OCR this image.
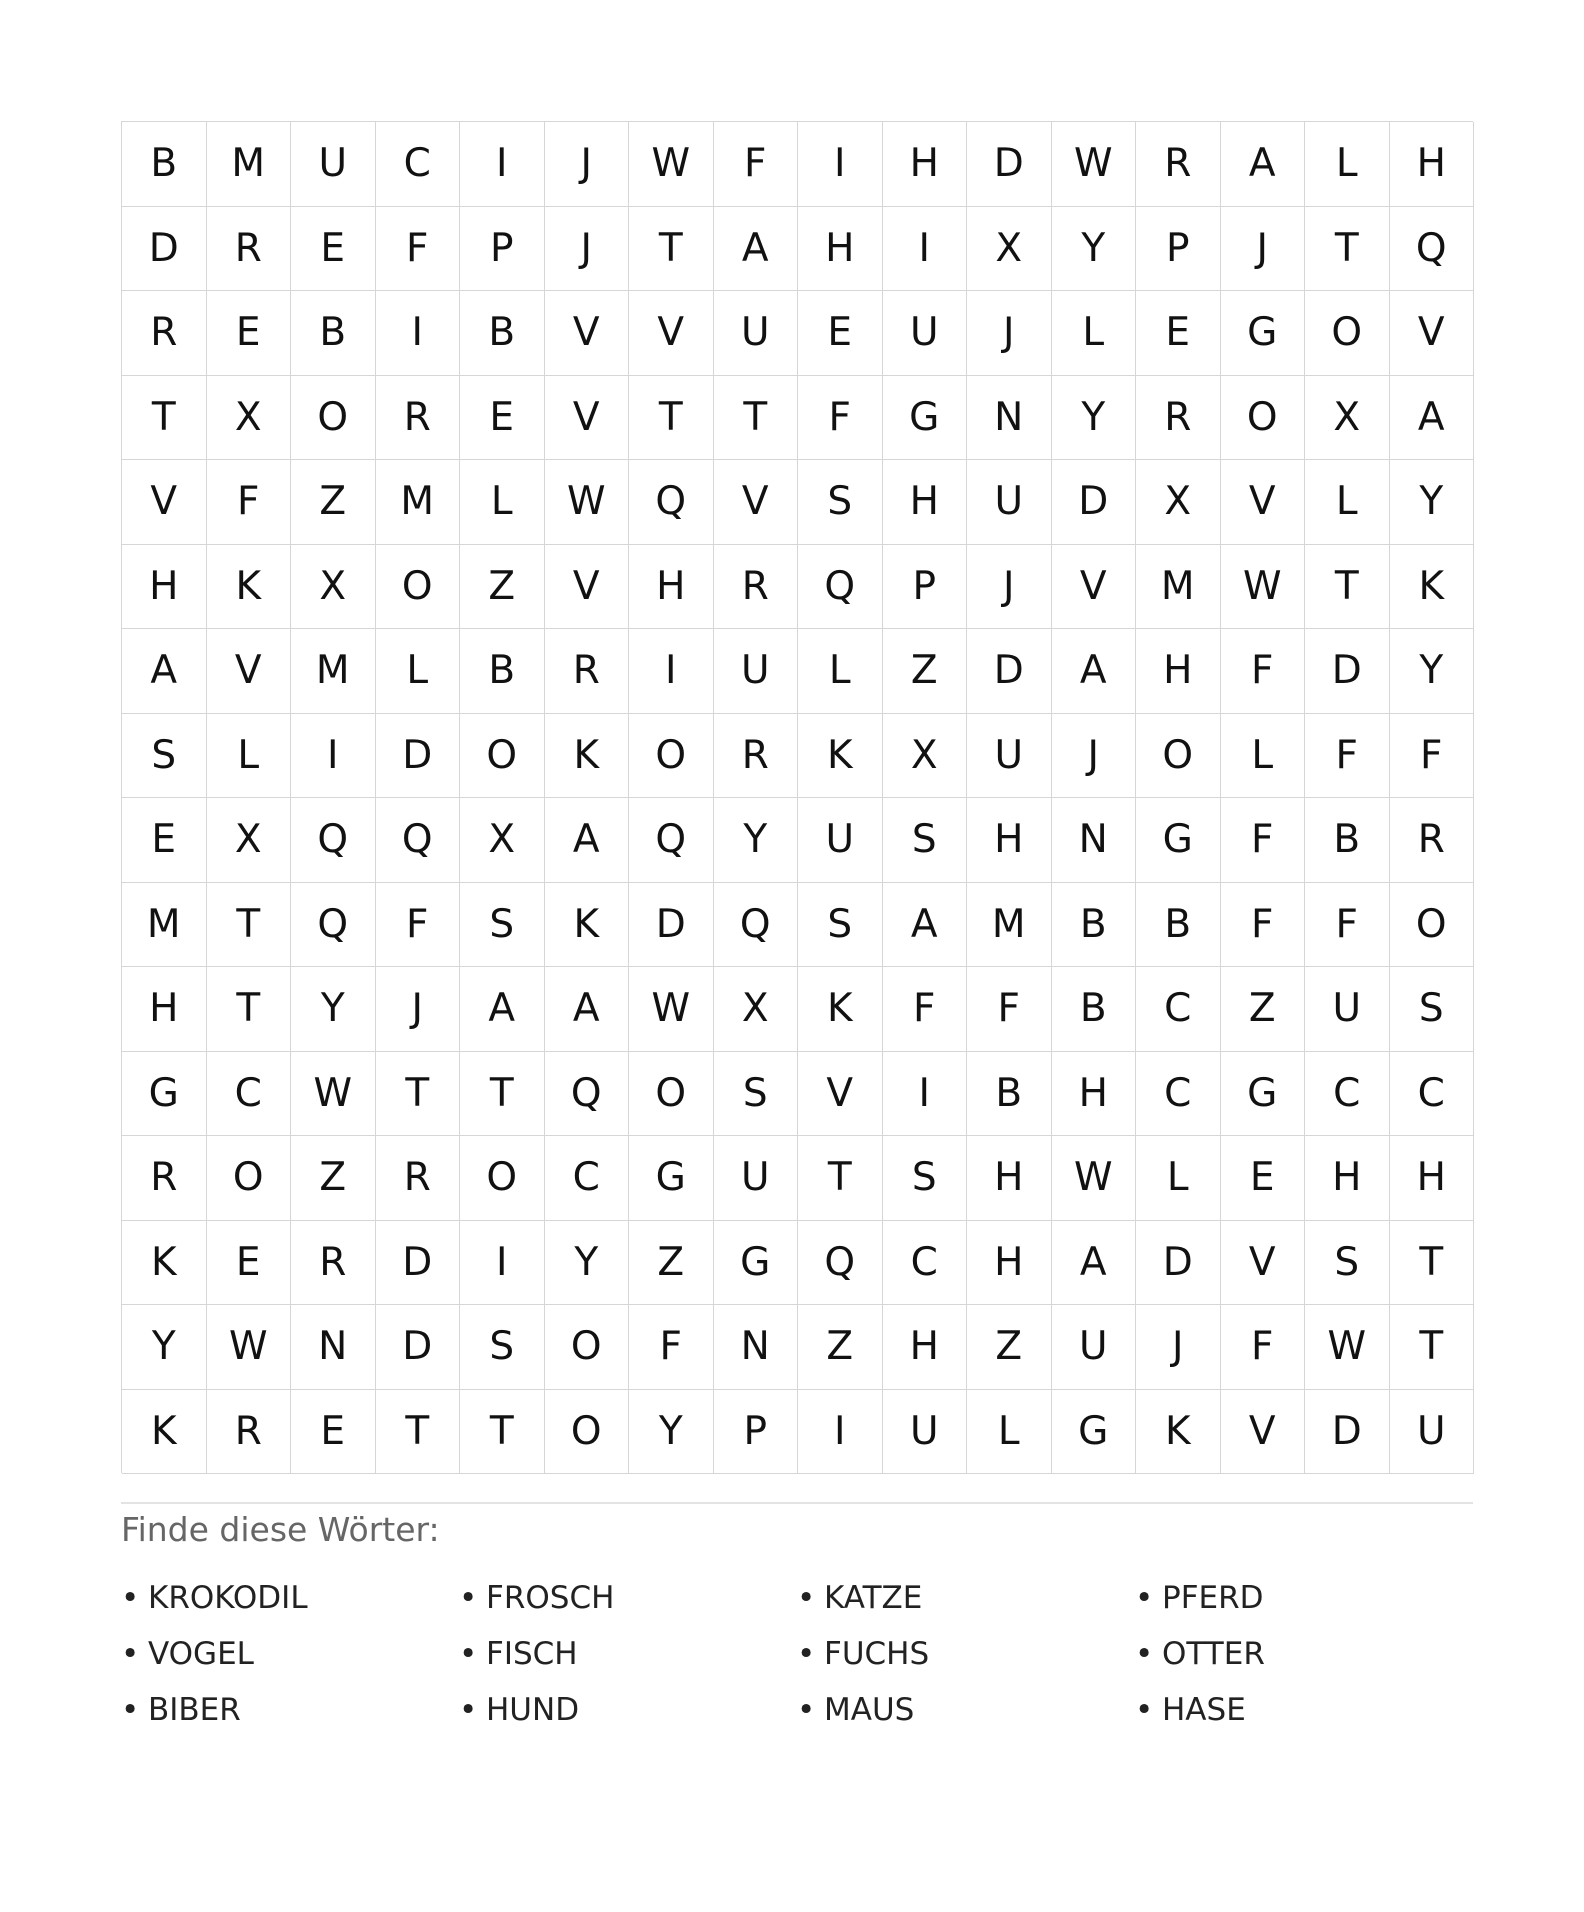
B	M	U	C	I	J	W	F	I	H	D	W	R	A	L	H
D	R	E	F	P	J	T	A	H	I	X	Y	P	J	T	Q
R	E	B	I	B	V	V	U	E	U	J	L	E	G	O	V
T	X	O	R	E	V	T	T	F	G	N	Y	R	O	X	A
V	F	Z	M	L	W	Q	V	S	H	U	D	X	V	L	Y
H	K	X	O	Z	V	H	R	Q	P	J	V	M	W	T	K
A	V	M	L	B	R	I	U	L	Z	D	A	H	F	D	Y
S	L	I	D	O	K	O	R	K	X	U	J	O	L	F	F
E	X	Q	Q	X	A	Q	Y	U	S	H	N	G	F	B	R
M	T	Q	F	S	K	D	Q	S	A	M	B	B	F	F	O
H	T	Y	J	A	A	W	X	K	F	F	B	C	Z	U	S
G	C	W	T	T	Q	O	S	V	I	B	H	C	G	C	C
R	O	Z	R	O	C	G	U	T	S	H	W	L	E	H	H
K	E	R	D	I	Y	Z	G	Q	C	H	A	D	V	S	T
Y	W	N	D	S	O	F	N	Z	H	Z	U	J	F	W	T
K	R	E	T	T	O	Y	P	I	U	L	G	K	V	D	U
Finde diese Wörter:
• KROKODIL	• FROSCH	• KATZE	• PFERD
• VOGEL	• FISCH	• FUCHS	• OTTER
• BIBER	• HUND	• MAUS	• HASE
